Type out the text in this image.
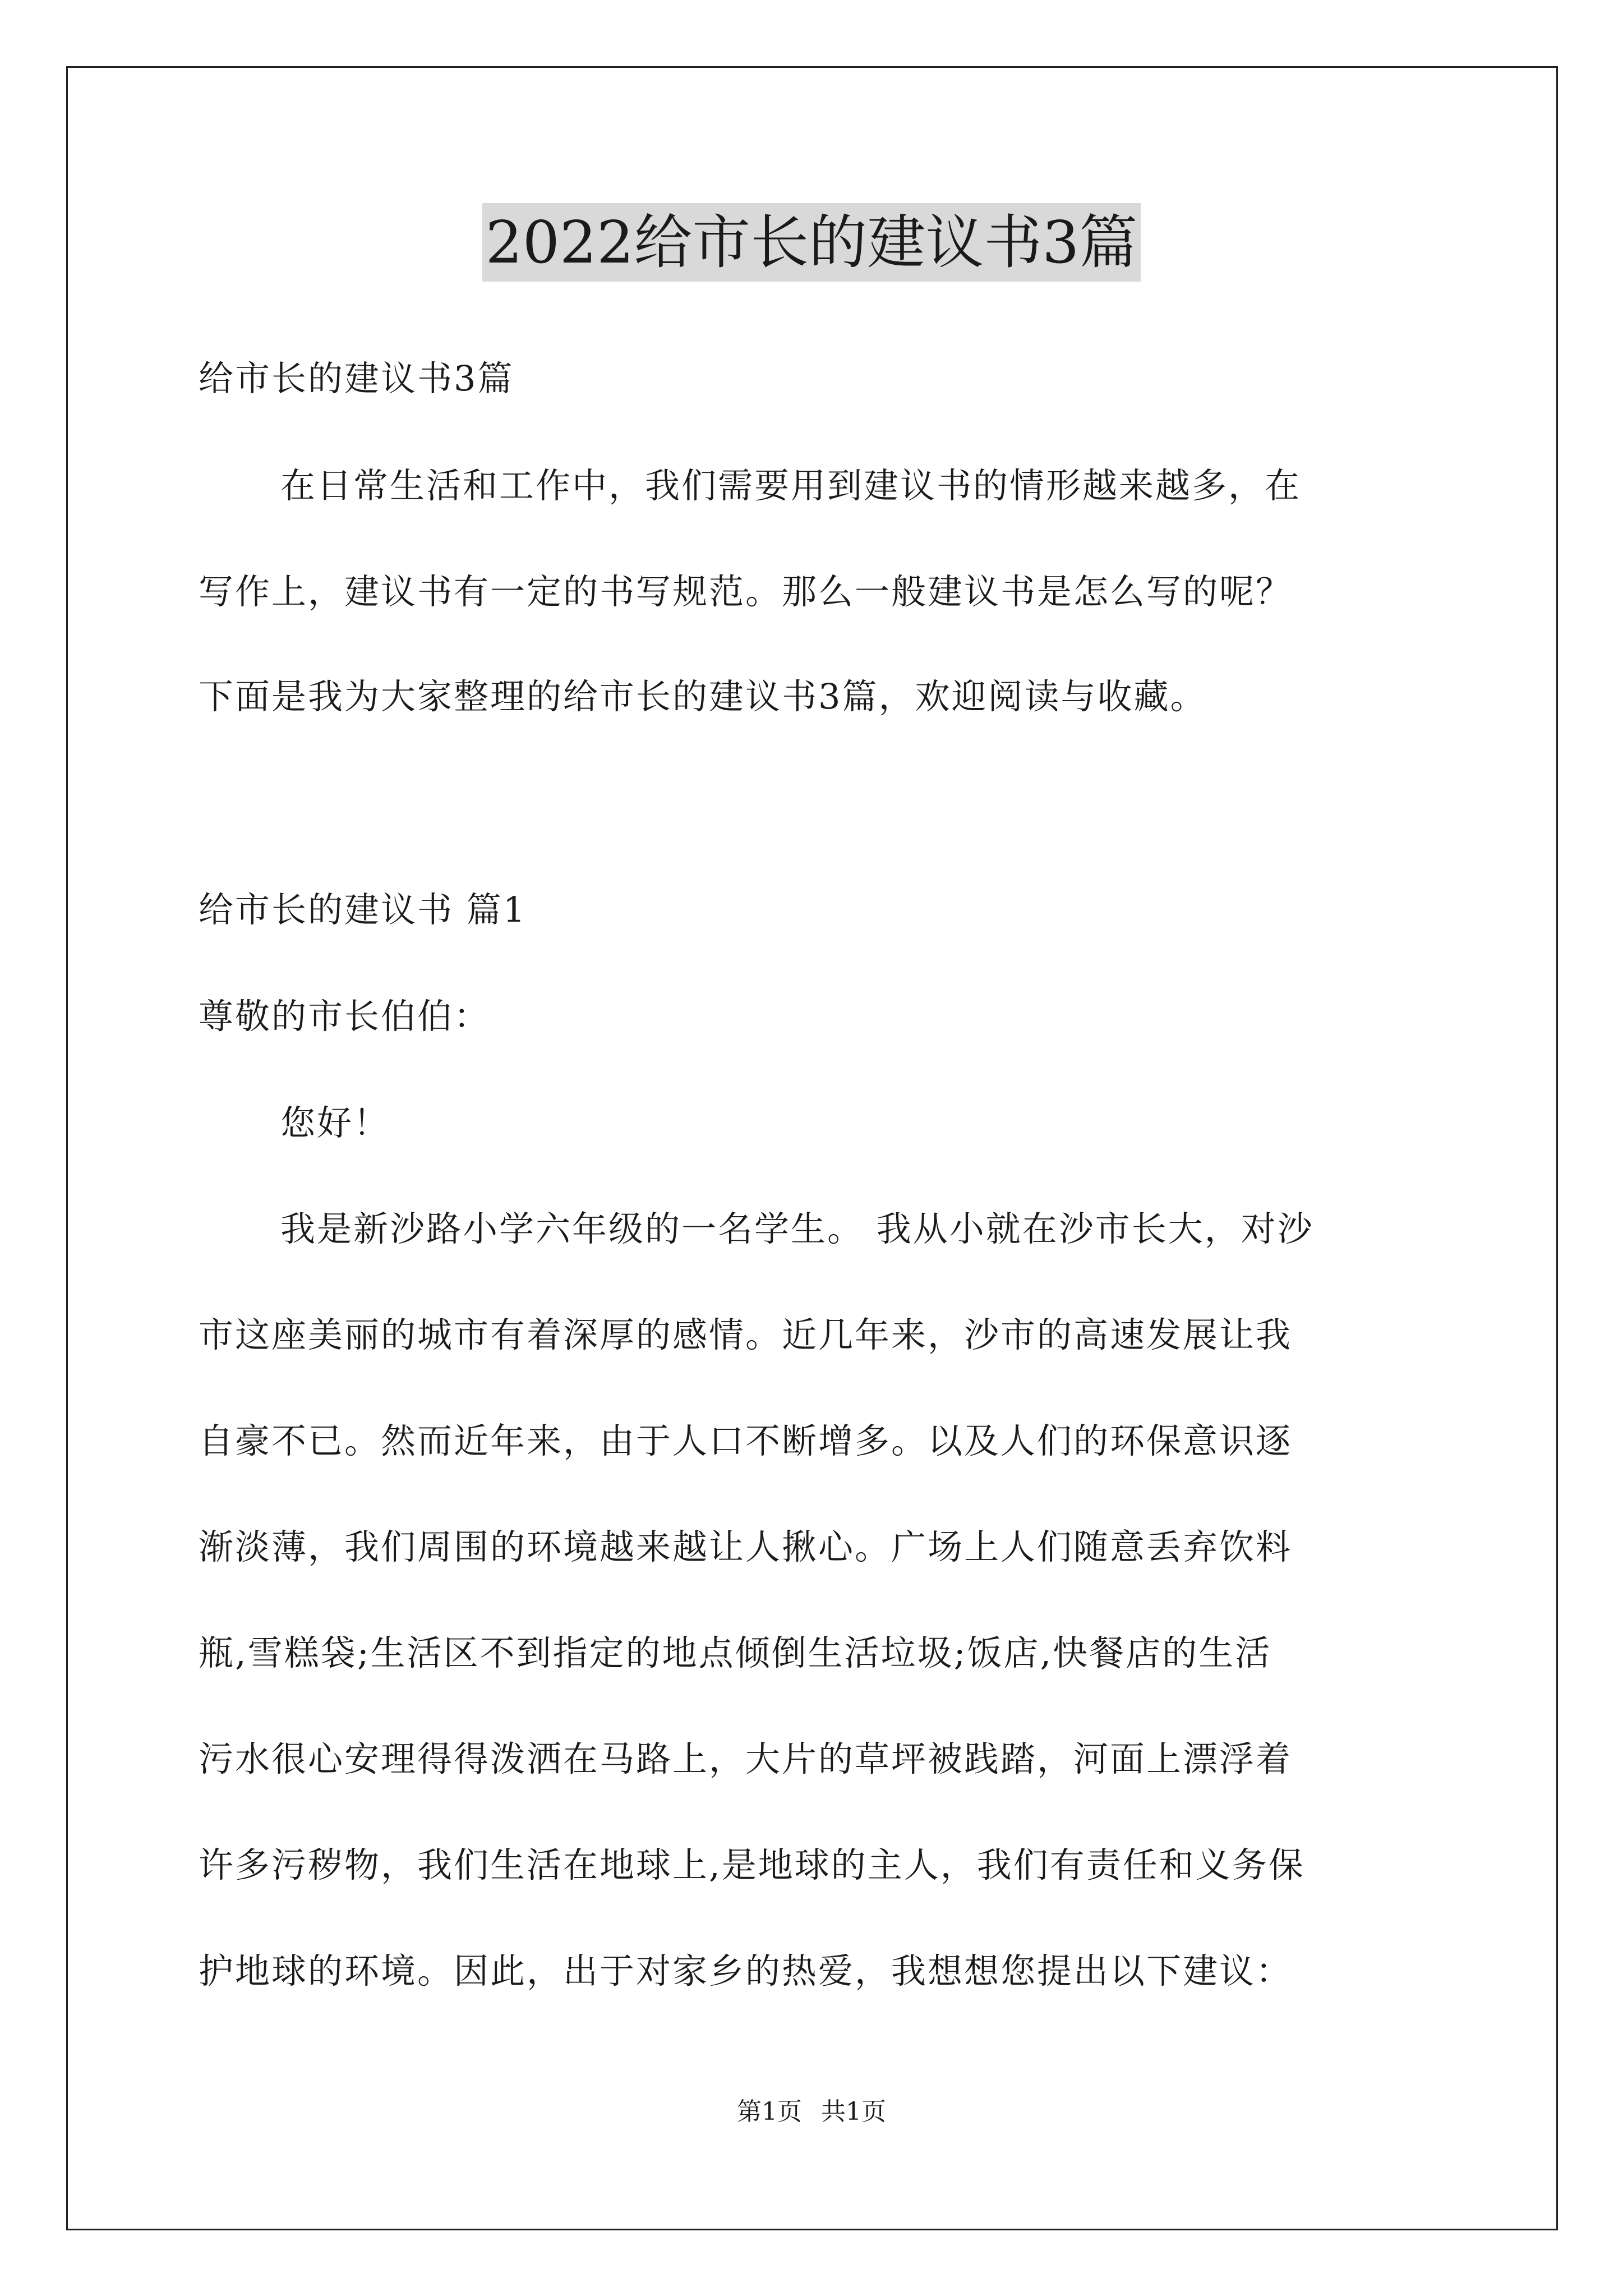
2022给市长的建议书3篇
给市长的建议书3篇
在日常生活和工作中，我们需要用到建议书的情形越来越多，在
写作上，建议书有一定的书写规范。那么一般建议书是怎么写的呢？
下面是我为大家整理的给市长的建议书3篇，欢迎阅读与收藏。
给市长的建议书 篇1
尊敬的市长伯伯：
您好！
我是新沙路小学六年级的一名学生。 我从小就在沙市长大，对沙
市这座美丽的城市有着深厚的感情。近几年来，沙市的高速发展让我
自豪不已。然而近年来，由于人口不断增多。以及人们的环保意识逐
渐淡薄，我们周围的环境越来越让人揪心。广场上人们随意丢弃饮料
瓶,雪糕袋;生活区不到指定的地点倾倒生活垃圾;饭店,快餐店的生活
污水很心安理得得泼洒在马路上，大片的草坪被践踏，河面上漂浮着
许多污秽物，我们生活在地球上,是地球的主人，我们有责任和义务保
护地球的环境。因此，出于对家乡的热爱，我想想您提出以下建议：
第1页 共1页
